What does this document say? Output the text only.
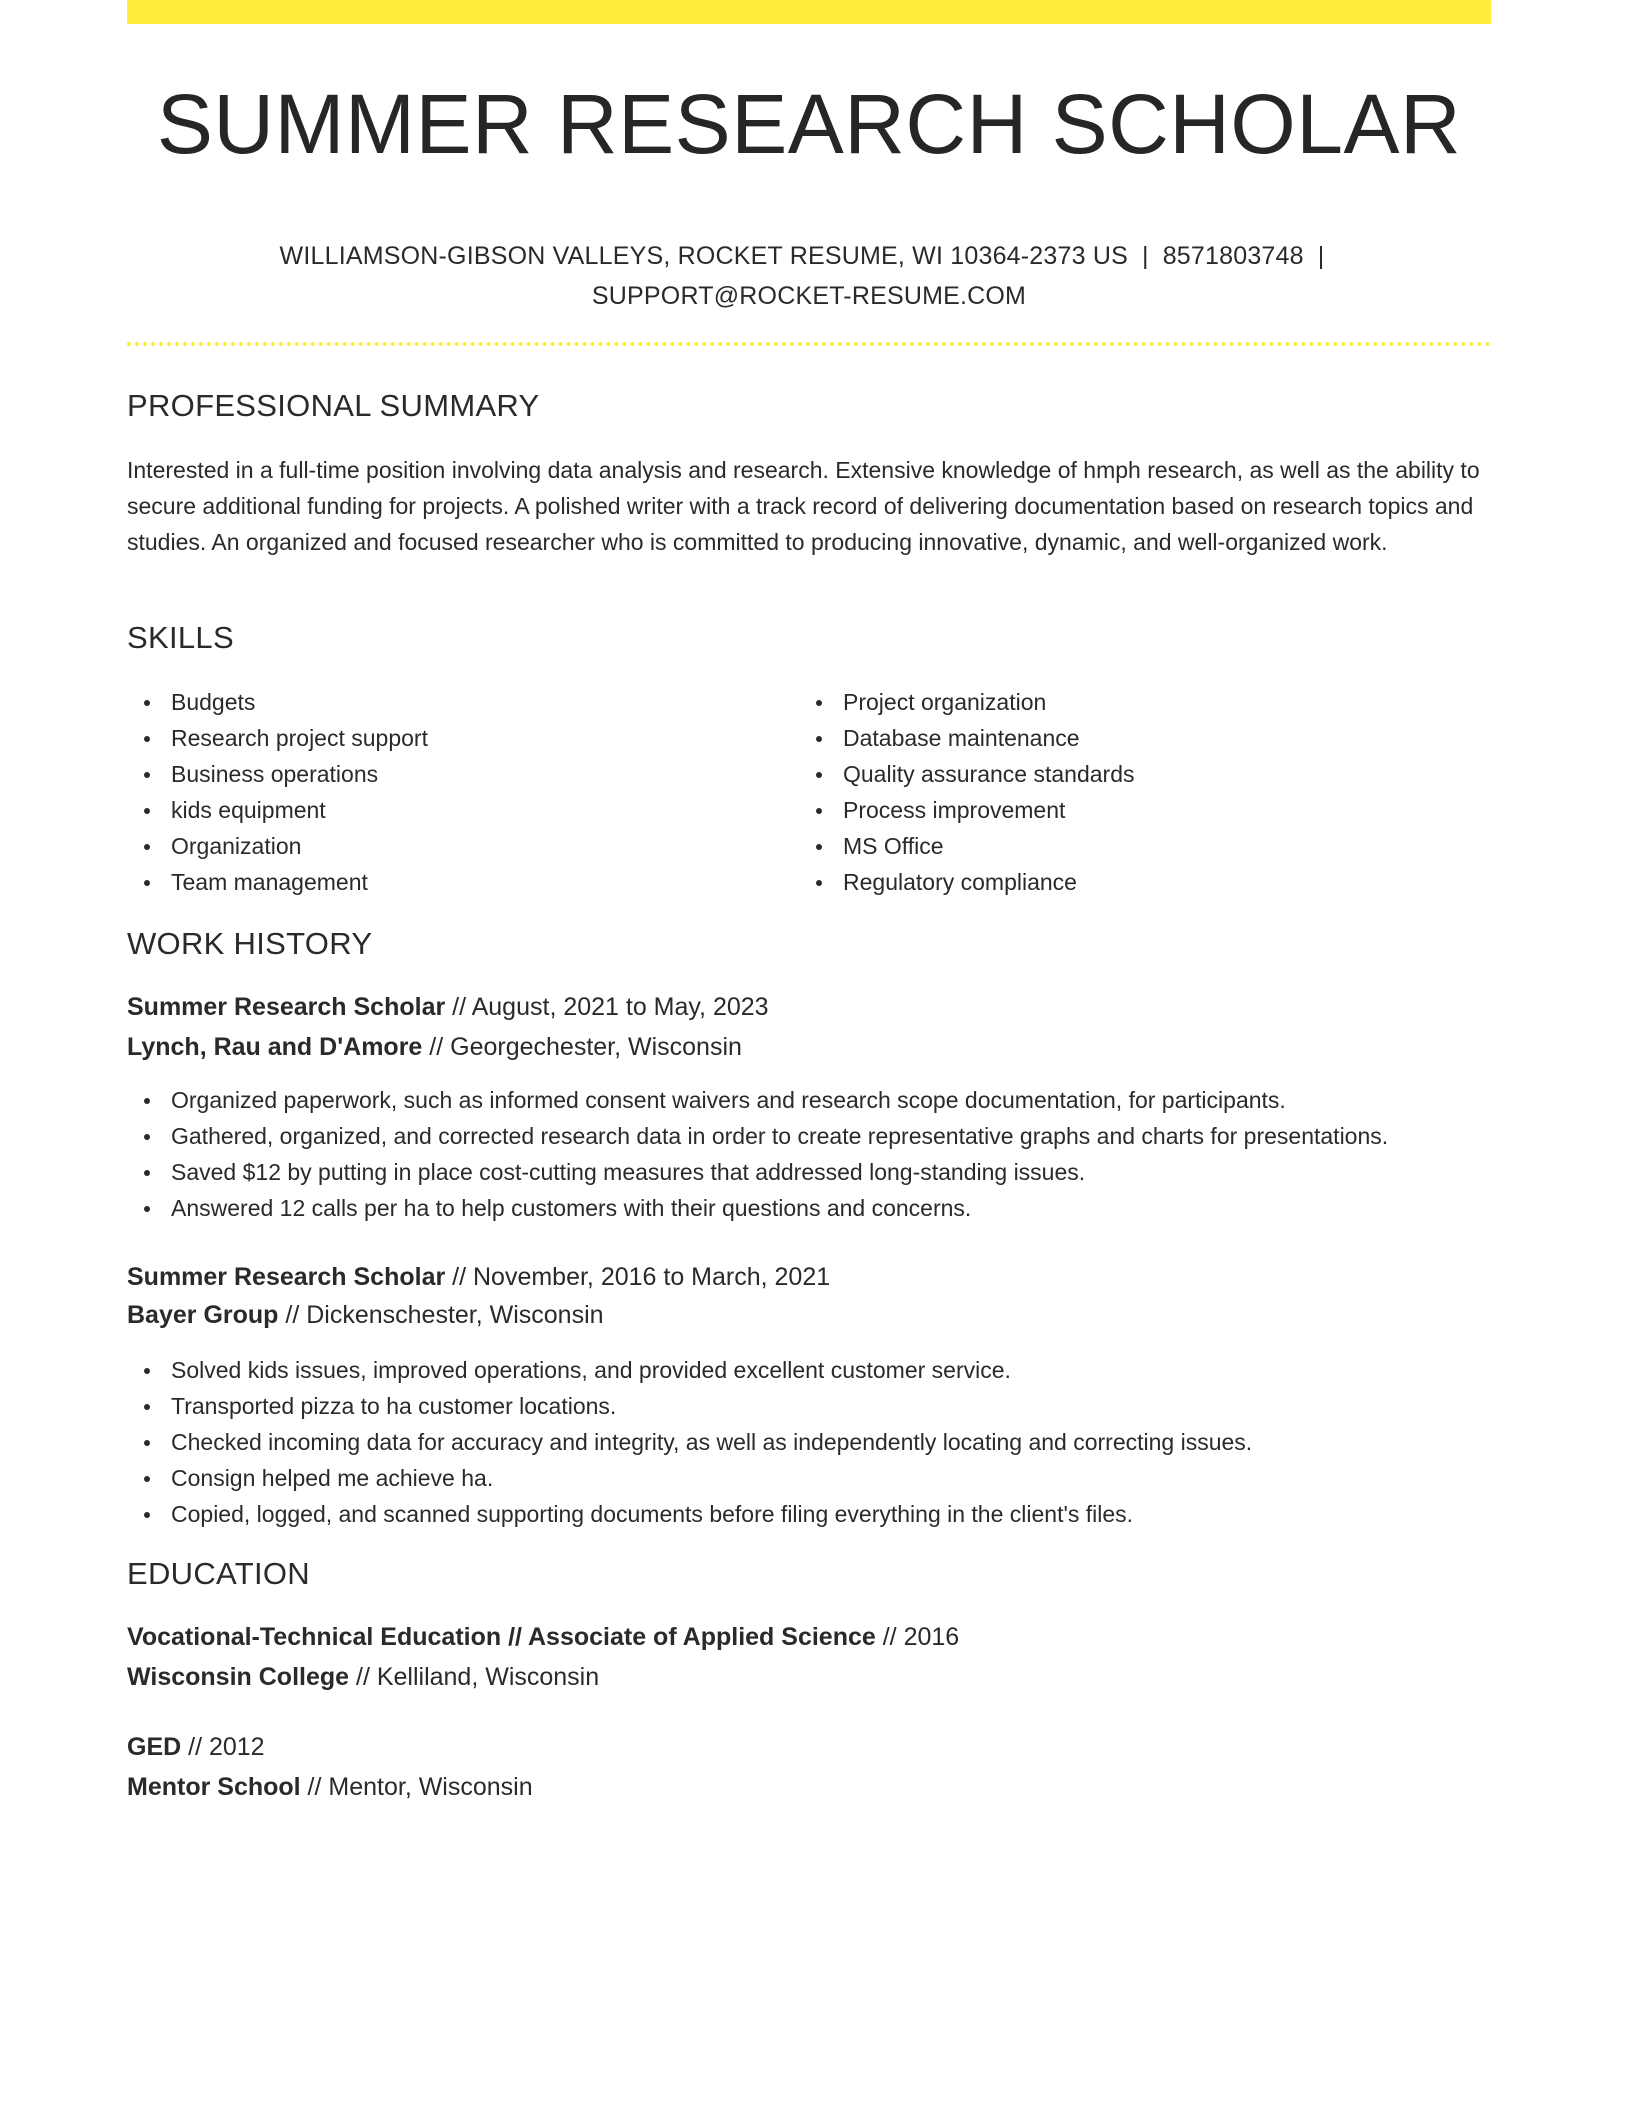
SUMMER RESEARCH SCHOLAR
WILLIAMSON-GIBSON VALLEYS, ROCKET RESUME, WI 10364-2373 US | 8571803748 |
SUPPORT@ROCKET-RESUME.COM
PROFESSIONAL SUMMARY

Interested in a full-time position involving data analysis and research. Extensive knowledge of hmph research, as well as the ability to secure additional funding for projects. A polished writer with a track record of delivering documentation based on research topics and studies. An organized and focused researcher who is committed to producing innovative, dynamic, and well-organized work.

SKILLS
Budgets
Research project support
Business operations
kids equipment
Organization
Team management
Project organization
Database maintenance
Quality assurance standards
Process improvement
MS Office
Regulatory compliance
WORK HISTORY
Summer Research Scholar // August, 2021 to May, 2023
Lynch, Rau and D'Amore // Georgechester, Wisconsin
Organized paperwork, such as informed consent waivers and research scope documentation, for participants.
Gathered, organized, and corrected research data in order to create representative graphs and charts for presentations.
Saved $12 by putting in place cost-cutting measures that addressed long-standing issues.
Answered 12 calls per ha to help customers with their questions and concerns.
Summer Research Scholar // November, 2016 to March, 2021
Bayer Group // Dickenschester, Wisconsin
Solved kids issues, improved operations, and provided excellent customer service.
Transported pizza to ha customer locations.
Checked incoming data for accuracy and integrity, as well as independently locating and correcting issues.
Consign helped me achieve ha.
Copied, logged, and scanned supporting documents before filing everything in the client's files.
EDUCATION
Vocational-Technical Education // Associate of Applied Science // 2016
Wisconsin College // Kelliland, Wisconsin
GED // 2012
Mentor School // Mentor, Wisconsin
